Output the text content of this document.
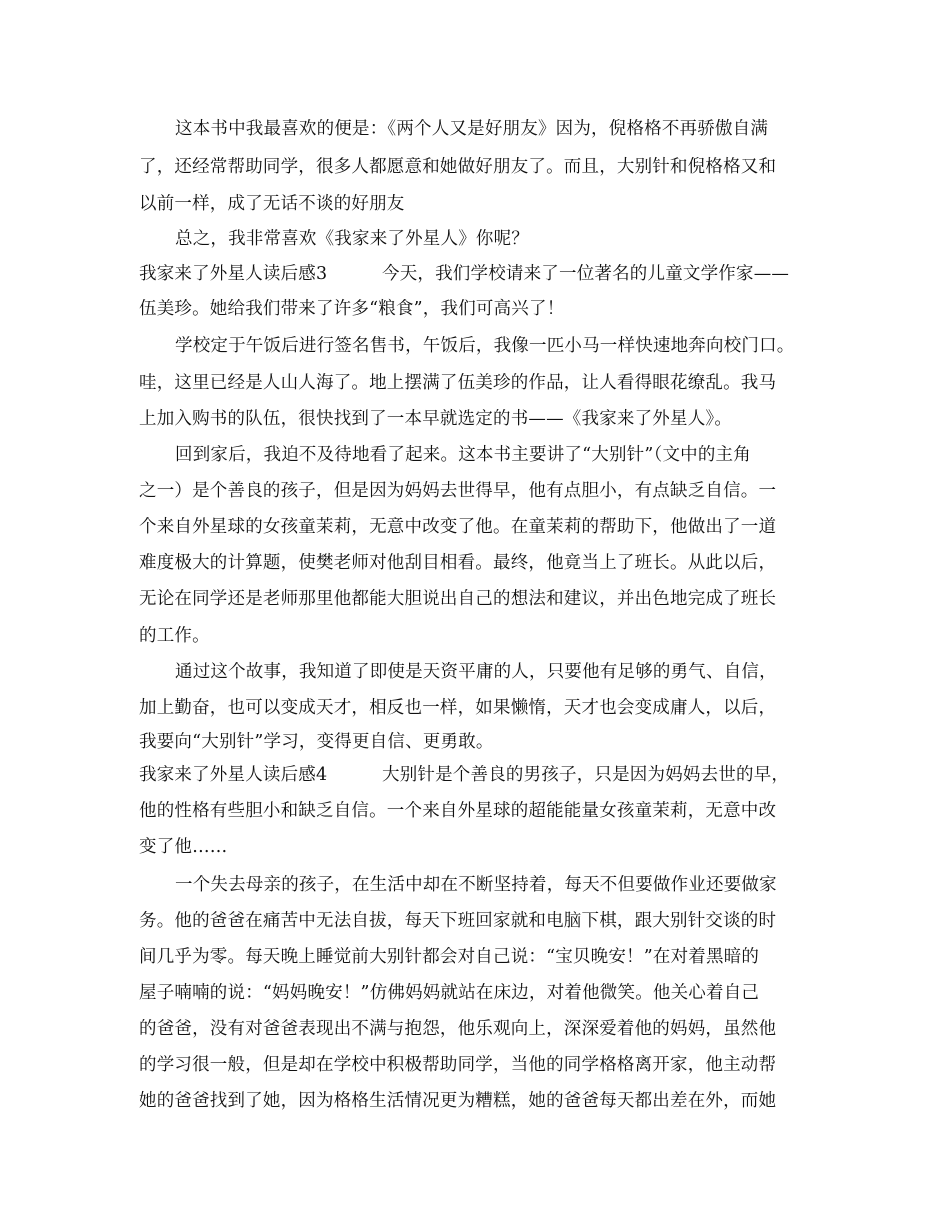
这本书中我最喜欢的便是：《两个人又是好朋友》因为，倪格格不再骄傲自满
了，还经常帮助同学，很多人都愿意和她做好朋友了。而且，大别针和倪格格又和
以前一样，成了无话不谈的好朋友
总之，我非常喜欢《我家来了外星人》你呢？
我家来了外星人读后感3	今天，我们学校请来了一位著名的儿童文学作家——
伍美珍。她给我们带来了许多“粮食”，我们可高兴了！
学校定于午饭后进行签名售书，午饭后，我像一匹小马一样快速地奔向校门口。
哇，这里已经是人山人海了。地上摆满了伍美珍的作品，让人看得眼花缭乱。我马
上加入购书的队伍，很快找到了一本早就选定的书——《我家来了外星人》。
回到家后，我迫不及待地看了起来。这本书主要讲了“大别针”（文中的主角
之一）是个善良的孩子，但是因为妈妈去世得早，他有点胆小，有点缺乏自信。一
个来自外星球的女孩童茉莉，无意中改变了他。在童茉莉的帮助下，他做出了一道
难度极大的计算题，使樊老师对他刮目相看。最终，他竟当上了班长。从此以后，
无论在同学还是老师那里他都能大胆说出自己的想法和建议，并出色地完成了班长
的工作。
通过这个故事，我知道了即使是天资平庸的人，只要他有足够的勇气、自信，
加上勤奋，也可以变成天才，相反也一样，如果懒惰，天才也会变成庸人，以后，
我要向“大别针”学习，变得更自信、更勇敢。
我家来了外星人读后感4	大别针是个善良的男孩子，只是因为妈妈去世的早，
他的性格有些胆小和缺乏自信。一个来自外星球的超能能量女孩童茉莉，无意中改
变了他……
一个失去母亲的孩子，在生活中却在不断坚持着，每天不但要做作业还要做家
务。他的爸爸在痛苦中无法自拔，每天下班回家就和电脑下棋，跟大别针交谈的时
间几乎为零。每天晚上睡觉前大别针都会对自己说：“宝贝晚安！”在对着黑暗的
屋子喃喃的说：“妈妈晚安！”仿佛妈妈就站在床边，对着他微笑。他关心着自己
的爸爸，没有对爸爸表现出不满与抱怨，他乐观向上，深深爱着他的妈妈，虽然他
的学习很一般，但是却在学校中积极帮助同学，当他的同学格格离开家，他主动帮
她的爸爸找到了她，因为格格生活情况更为糟糕，她的爸爸每天都出差在外，而她
